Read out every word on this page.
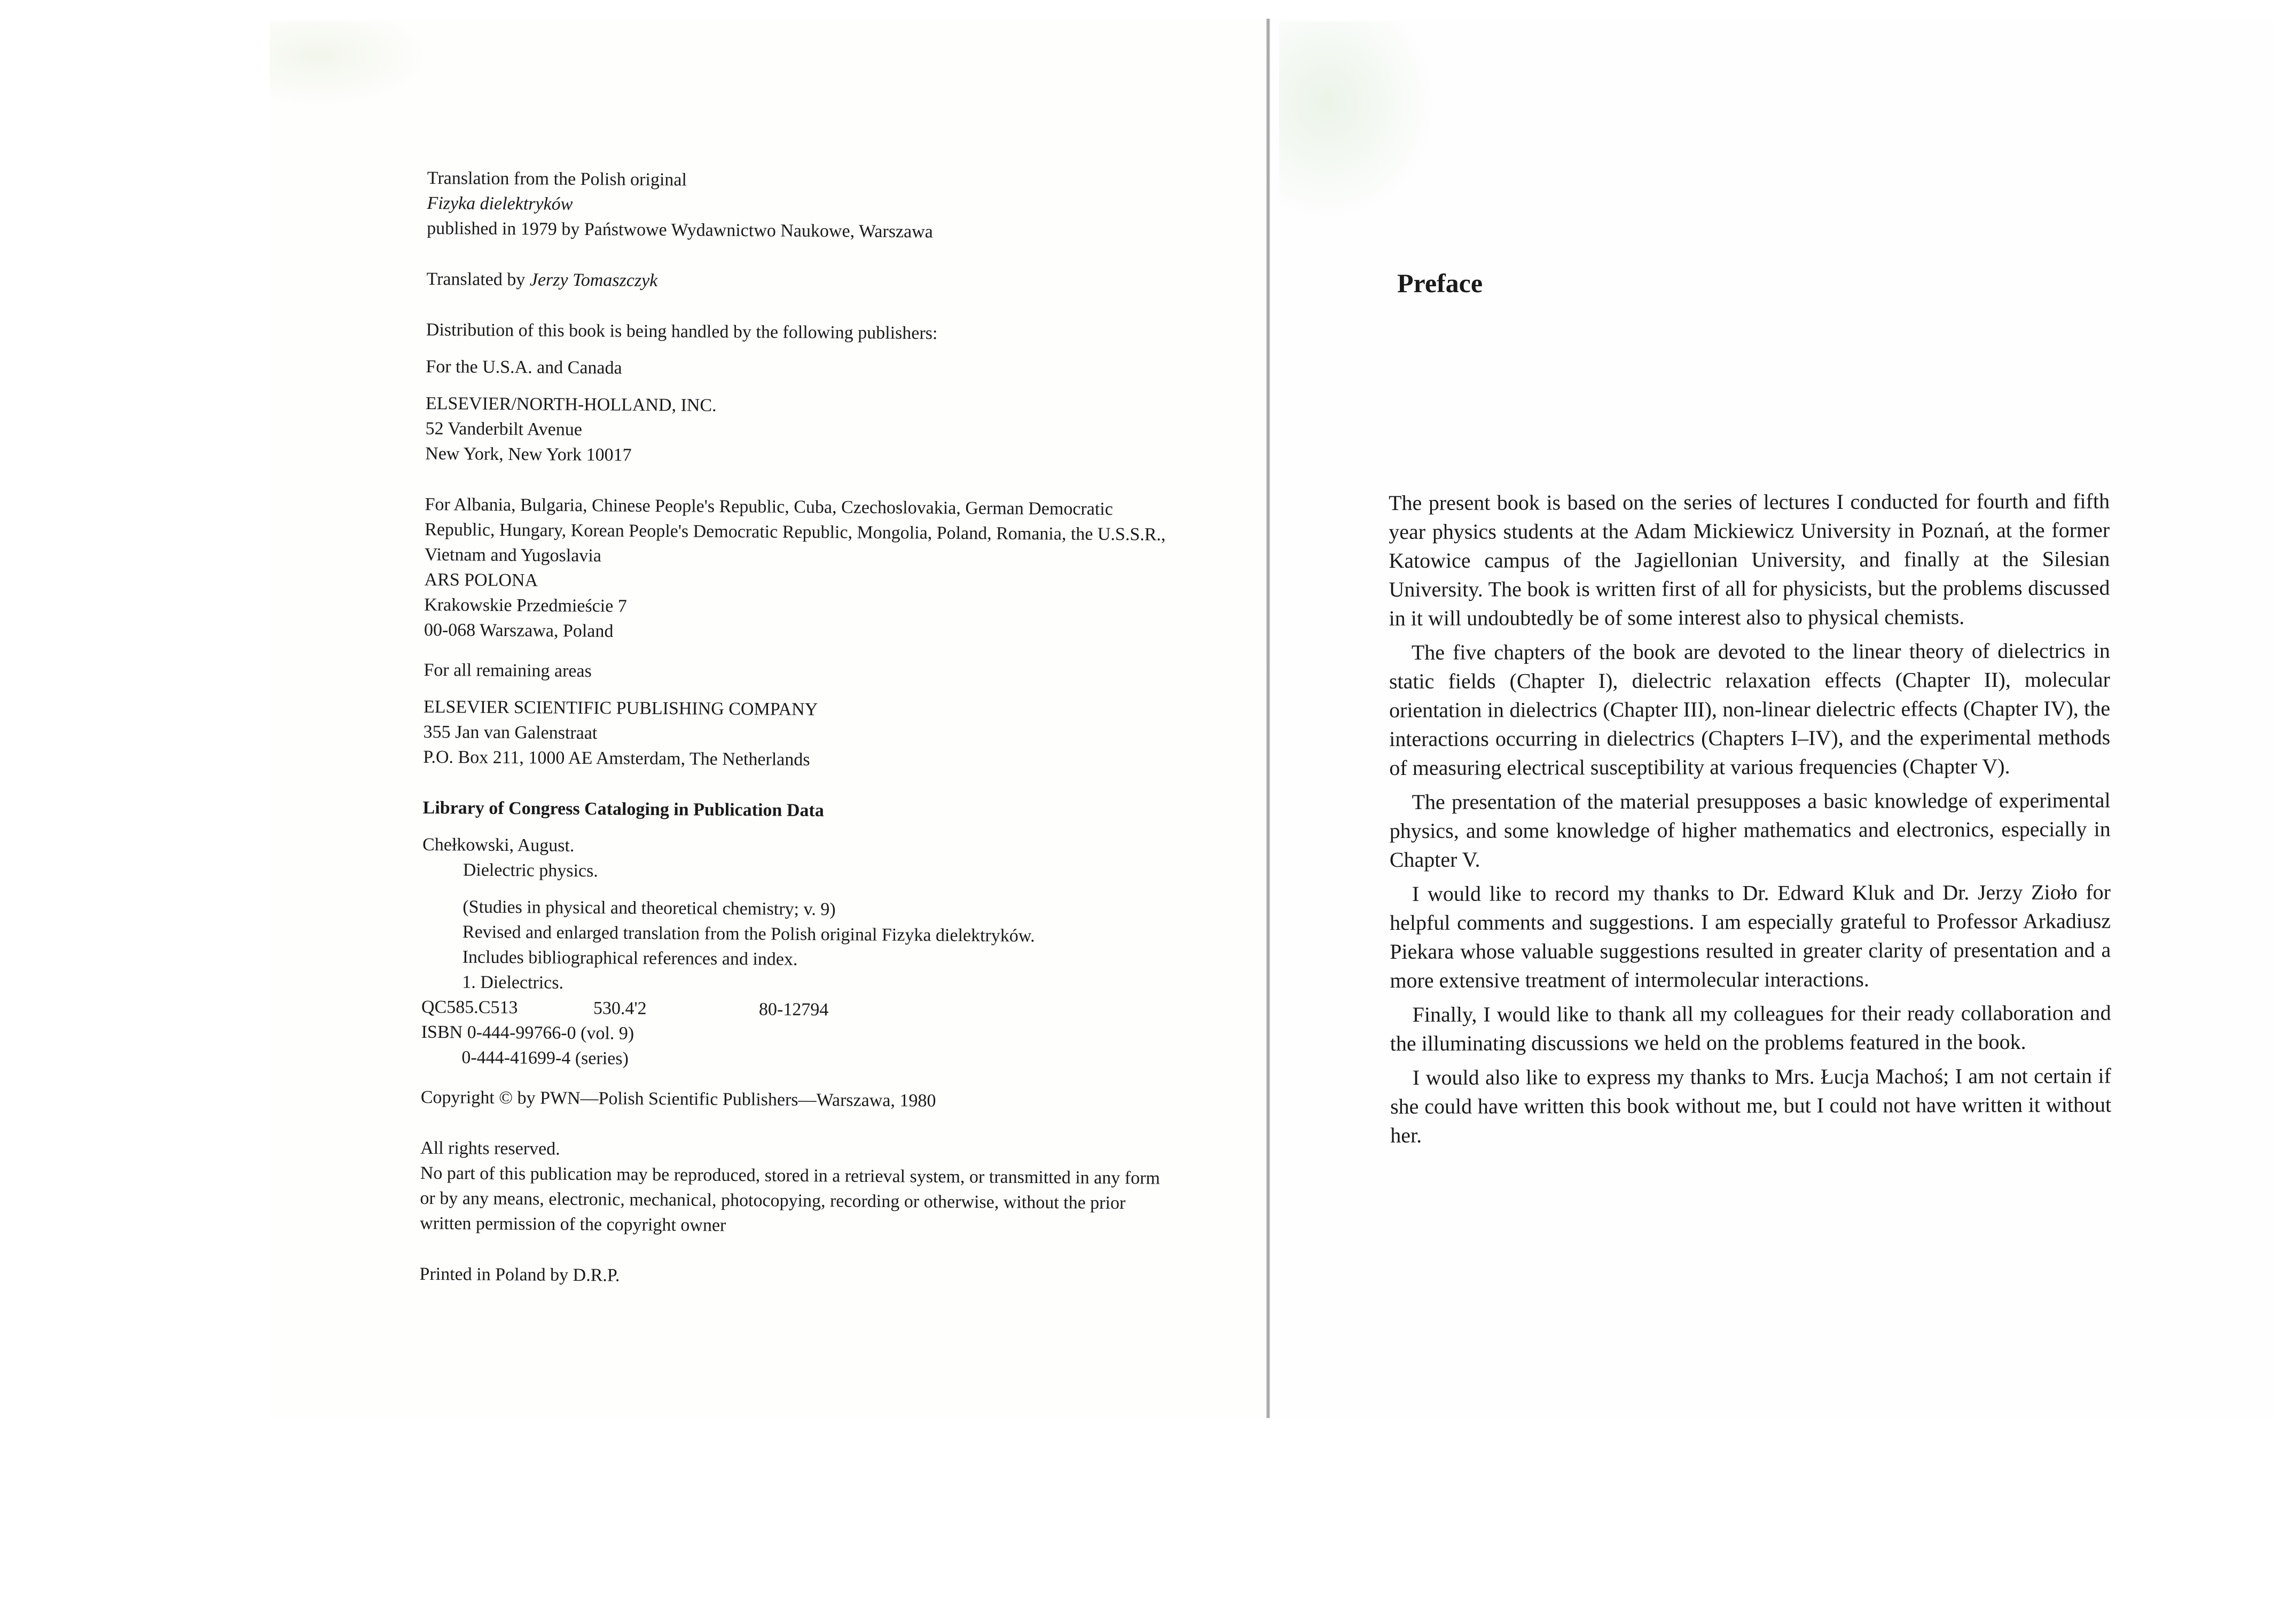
Translation from the Polish original

Fizyka dielektryków

published in 1979 by Państwowe Wydawnictwo Naukowe, Warszawa

Translated by Jerzy Tomaszczyk

Distribution of this book is being handled by the following publishers:

For the U.S.A. and Canada

ELSEVIER/NORTH-HOLLAND, INC.

52 Vanderbilt Avenue

New York, New York 10017

For Albania, Bulgaria, Chinese People's Republic, Cuba, Czechoslovakia, German Democratic Republic, Hungary, Korean People's Democratic Republic, Mongolia, Poland, Romania, the U.S.S.R., Vietnam and Yugoslavia

ARS POLONA

Krakowskie Przedmieście 7

00-068 Warszawa, Poland

For all remaining areas

ELSEVIER SCIENTIFIC PUBLISHING COMPANY

355 Jan van Galenstraat

P.O. Box 211, 1000 AE Amsterdam, The Netherlands

Library of Congress Cataloging in Publication Data

Chełkowski, August.

Dielectric physics.

(Studies in physical and theoretical chemistry; v. 9)

Revised and enlarged translation from the Polish original Fizyka dielektryków.

Includes bibliographical references and index.

1. Dielectrics.

QC585.C513	530.4'2	80-12794

ISBN 0-444-99766-0 (vol. 9)

0-444-41699-4 (series)

Copyright © by PWN—Polish Scientific Publishers—Warszawa, 1980

All rights reserved.

No part of this publication may be reproduced, stored in a retrieval system, or transmitted in any form or by any means, electronic, mechanical, photocopying, recording or otherwise, without the prior written permission of the copyright owner

Printed in Poland by D.R.P.

Preface

The present book is based on the series of lectures I conducted for fourth and fifth year physics students at the Adam Mickiewicz University in Poznań, at the former Katowice campus of the Jagiellonian University, and finally at the Silesian University. The book is written first of all for physicists, but the problems discussed in it will undoubtedly be of some interest also to physical chemists.

The five chapters of the book are devoted to the linear theory of dielectrics in static fields (Chapter I), dielectric relaxation effects (Chapter II), molecular orientation in dielectrics (Chapter III), non-linear dielectric effects (Chapter IV), the interactions occurring in dielectrics (Chapters I–IV), and the experimental methods of measuring electrical susceptibility at various frequencies (Chapter V).

The presentation of the material presupposes a basic knowledge of experimental physics, and some knowledge of higher mathematics and electronics, especially in Chapter V.

I would like to record my thanks to Dr. Edward Kluk and Dr. Jerzy Zioło for helpful comments and suggestions. I am especially grateful to Professor Arkadiusz Piekara whose valuable suggestions resulted in greater clarity of presentation and a more extensive treatment of intermolecular interactions.

Finally, I would like to thank all my colleagues for their ready collaboration and the illuminating discussions we held on the problems featured in the book.

I would also like to express my thanks to Mrs. Łucja Machoś; I am not certain if she could have written this book without me, but I could not have written it without her.
